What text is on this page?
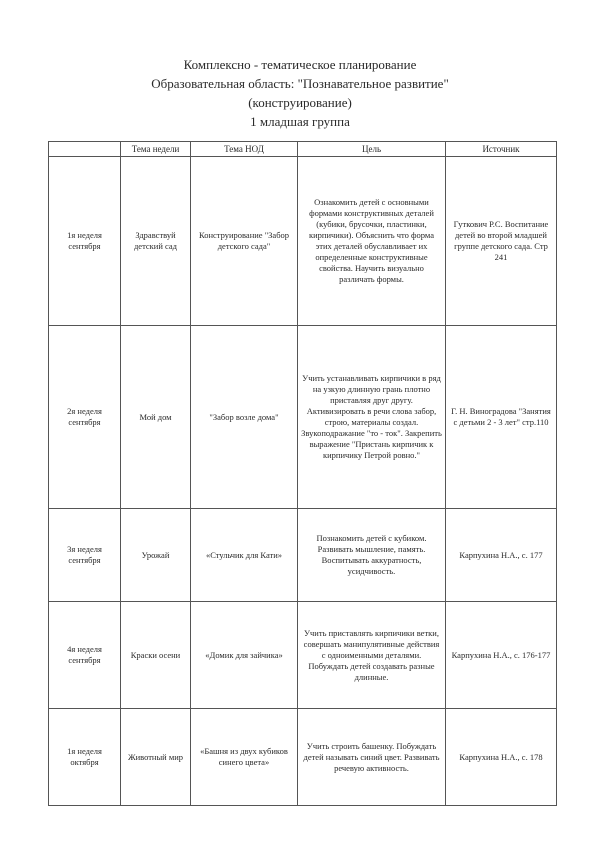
Комплексно - тематическое планирование
Образовательная область: "Познавательное развитие"
(конструирование)
1 младшая группа
	Тема недели	Тема НОД	Цель	Источник
1я неделя сентября	Здравствуй детский сад	Конструирование "Забор детского сада"	Ознакомить детей с основными формами конструктивных деталей (кубики, брусочки, пластинки, кирпичики). Объяснить что форма этих деталей обуславливает их определенные конструктивные свойства. Научить визуально различать формы.	Гуткович Р.С. Воспитание детей во второй младшей группе детского сада. Стр 241
2я неделя сентября	Мой дом	"Забор возле дома"	Учить устанавливать кирпичики в ряд на узкую длинную грань плотно приставляя друг другу. Активизировать в речи слова забор, строю, материалы создал. Звукоподражание "то - ток". Закрепить выражение "Пристань кирпичик к кирпичику Петрой ровно."	Г. Н. Виноградова "Занятия с детьми 2 - 3 лет" стр.110
3я неделя сентября	Урожай	«Стульчик для Кати»	Познакомить детей с кубиком. Развивать мышление, память. Воспитывать аккуратность, усидчивость.	Карпухина Н.А., с. 177
4я неделя сентября	Краски осени	«Домик для зайчика»	Учить приставлять кирпичики ветки, совершать манипулятивные действия с одноименными деталями. Побуждать детей создавать разные длинные.	Карпухина Н.А., с. 176-177
1я неделя октября	Животный мир	«Башня из двух кубиков синего цвета»	Учить строить башенку. Побуждать детей называть синий цвет. Развивать речевую активность.	Карпухина Н.А., с. 178
